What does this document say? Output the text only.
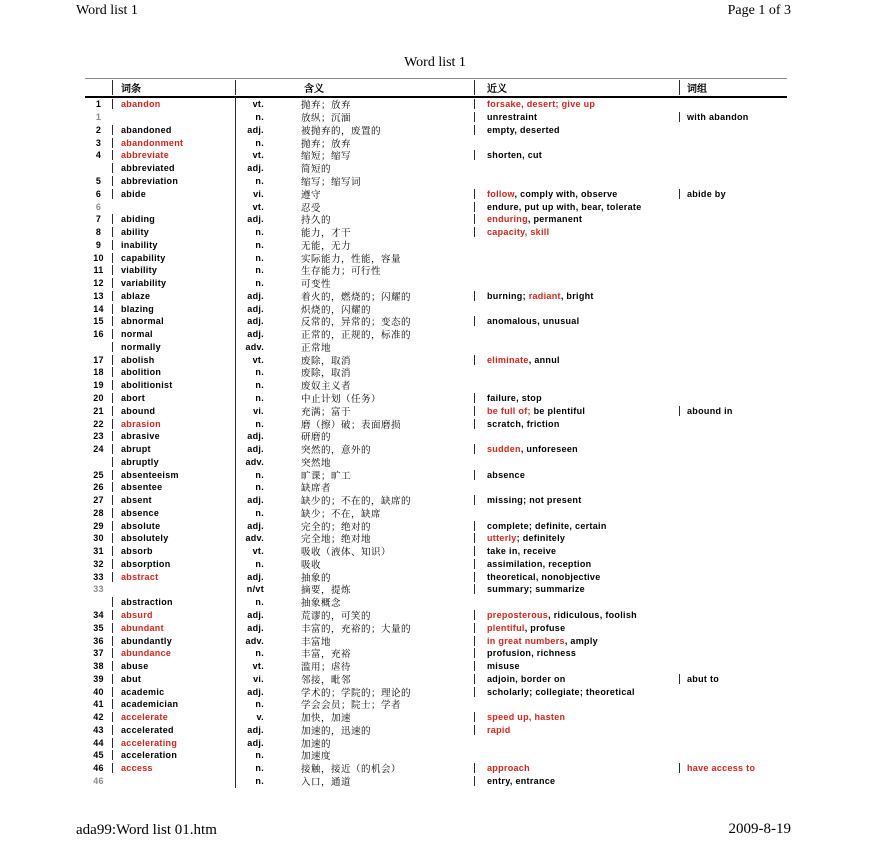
Word list 1	Page 1 of 3
Word list 1
词条	含义	近义	词组
1	abandon	vt.	抛弃；放弃	forsake, desert; give up
1	n.	放纵；沉湎	unrestraint	with abandon
2	abandoned	adj.	被抛弃的，废置的	empty, deserted
3	abandonment	n.	抛弃；放弃
4	abbreviate	vt.	缩短；缩写	shorten, cut
abbreviated	adj.	简短的
5	abbreviation	n.	缩写；缩写词
6	abide	vi.	遵守	follow, comply with, observe	abide by
6	vt.	忍受	endure, put up with, bear, tolerate
7	abiding	adj.	持久的	enduring, permanent
8	ability	n.	能力，才干	capacity, skill
9	inability	n.	无能，无力
10	capability	n.	实际能力，性能，容量
11	viability	n.	生存能力；可行性
12	variability	n.	可变性
13	ablaze	adj.	着火的，燃烧的；闪耀的	burning; radiant, bright
14	blazing	adj.	炽烧的，闪耀的
15	abnormal	adj.	反常的，异常的；变态的	anomalous, unusual
16	normal	adj.	正常的，正规的，标准的
normally	adv.	正常地
17	abolish	vt.	废除，取消	eliminate, annul
18	abolition	n.	废除，取消
19	abolitionist	n.	废奴主义者
20	abort	n.	中止计划（任务）	failure, stop
21	abound	vi.	充满；富于	be full of; be plentiful	abound in
22	abrasion	n.	磨（擦）破；表面磨损	scratch, friction
23	abrasive	adj.	研磨的
24	abrupt	adj.	突然的，意外的	sudden, unforeseen
abruptly	adv.	突然地
25	absenteeism	n.	旷课；旷工	absence
26	absentee	n.	缺席者
27	absent	adj.	缺少的；不在的，缺席的	missing; not present
28	absence	n.	缺少；不在，缺席
29	absolute	adj.	完全的；绝对的	complete; definite, certain
30	absolutely	adv.	完全地；绝对地	utterly; definitely
31	absorb	vt.	吸收（液体、知识）	take in, receive
32	absorption	n.	吸收	assimilation, reception
33	abstract	adj.	抽象的	theoretical, nonobjective
33	n/vt	摘要，提炼	summary; summarize
abstraction	n.	抽象概念
34	absurd	adj.	荒谬的，可笑的	preposterous, ridiculous, foolish
35	abundant	adj.	丰富的，充裕的；大量的	plentiful, profuse
36	abundantly	adv.	丰富地	in great numbers, amply
37	abundance	n.	丰富，充裕	profusion, richness
38	abuse	vt.	滥用；虐待	misuse
39	abut	vi.	邻接，毗邻	adjoin, border on	abut to
40	academic	adj.	学术的；学院的；理论的	scholarly; collegiate; theoretical
41	academician	n.	学会会员；院士；学者
42	accelerate	v.	加快，加速	speed up, hasten
43	accelerated	adj.	加速的，迅速的	rapid
44	accelerating	adj.	加速的
45	acceleration	n.	加速度
46	access	n.	接触，接近（的机会）	approach	have access to
46	n.	入口，通道	entry, entrance
ada99:Word list 01.htm	2009-8-19
